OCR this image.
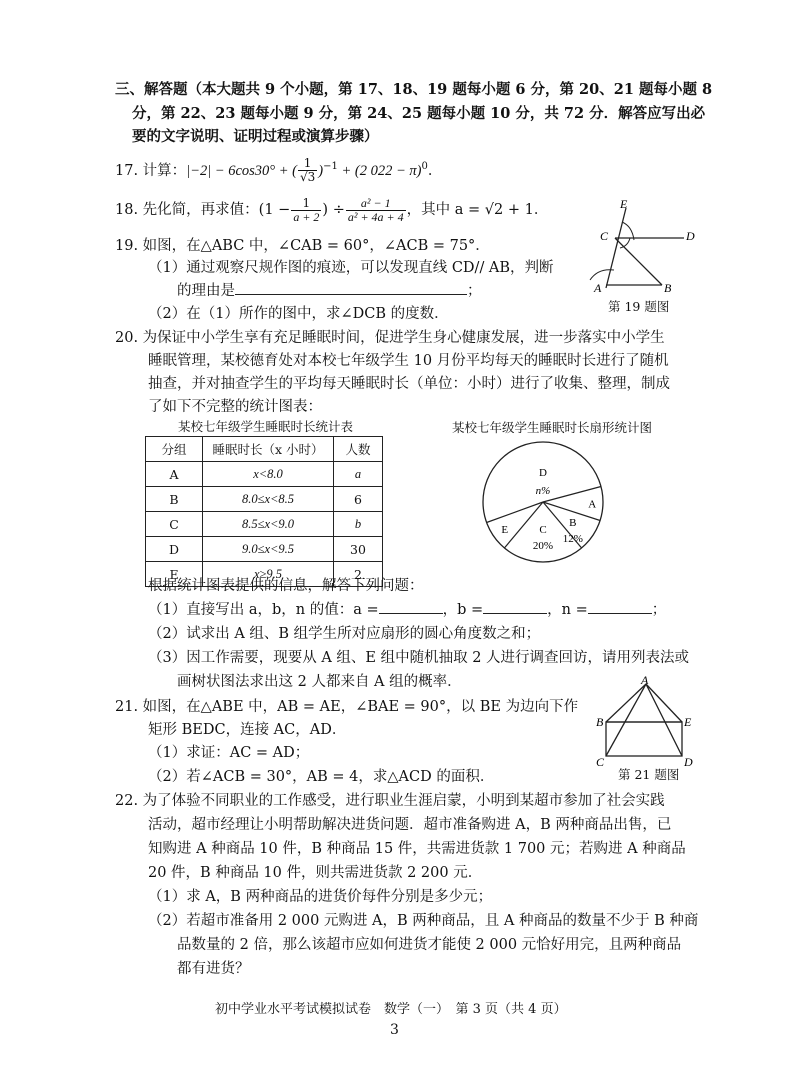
三、解答题（本大题共 9 个小题，第 17、18、19 题每小题 6 分，第 20、21 题每小题 8
分，第 22、23 题每小题 9 分，第 24、25 题每小题 10 分，共 72 分．解答应写出必
要的文字说明、证明过程或演算步骤）
17. 计算：|−2| − 6cos30° + ( $\frac{1}{√3} )^{-1} + (2$ 022 − π)$^0$．
18. 先化简，再求值：($1 - \frac{1}{a + 2}$ ) ÷ $\frac{\text{a² − 1}}{\text{a² + 4a + 4}}$ ，其中 a = √2 + 1．
19. 如图，在△ABC 中，∠CAB = 60°，∠ACB = 75°．
（1）通过观察尺规作图的痕迹，可以发现直线 CD// AB，判断
的理由是	；
（2）在（1）所作的图中，求∠DCB 的度数．
E
C	D
A	B
第 19 题图
20. 为保证中小学生享有充足睡眠时间，促进学生身心健康发展，进一步落实中小学生
睡眠管理，某校德育处对本校七年级学生 10 月份平均每天的睡眠时长进行了随机
抽查，并对抽查学生的平均每天睡眠时长（单位：小时）进行了收集、整理，制成
了如下不完整的统计图表：
某校七年级学生睡眠时长统计表
分组	睡眠时长（x 小时）	人数
A	x<8.0	a
B	8.0≤x<8.5	6
C	8.5≤x<9.0	b
D	9.0≤x<9.5	30
E	x≥9.5	2
某校七年级学生睡眠时长扇形统计图
D
n%
E	C
20%
B
12%
A
根据统计图表提供的信息，解答下列问题：
（1）直接写出 a，b，n 的值：a =	，b =	，n =	；
（2）试求出 A 组、B 组学生所对应扇形的圆心角度数之和；
（3）因工作需要，现要从 A 组、E 组中随机抽取 2 人进行调查回访，请用列表法或
画树状图法求出这 2 人都来自 A 组的概率．
21. 如图，在△ABE 中，AB = AE，∠BAE = 90°，以 BE 为边向下作
矩形 BEDC，连接 AC，AD．
（1）求证：AC = AD；
（2）若∠ACB = 30°，AB = 4，求△ACD 的面积．
A
B	E
C	D
第 21 题图
22. 为了体验不同职业的工作感受，进行职业生涯启蒙，小明到某超市参加了社会实践
活动，超市经理让小明帮助解决进货问题．超市准备购进 A，B 两种商品出售，已
知购进 A 种商品 10 件，B 种商品 15 件，共需进货款 1 700 元；若购进 A 种商品
20 件，B 种商品 10 件，则共需进货款 2 200 元．
（1）求 A，B 两种商品的进货价每件分别是多少元；
（2）若超市准备用 2 000 元购进 A，B 两种商品，且 A 种商品的数量不少于 B 种商
品数量的 2 倍，那么该超市应如何进货才能使 2 000 元恰好用完，且两种商品
都有进货？
初中学业水平考试模拟试卷　数学（一）　第 3 页（共 4 页）
3
